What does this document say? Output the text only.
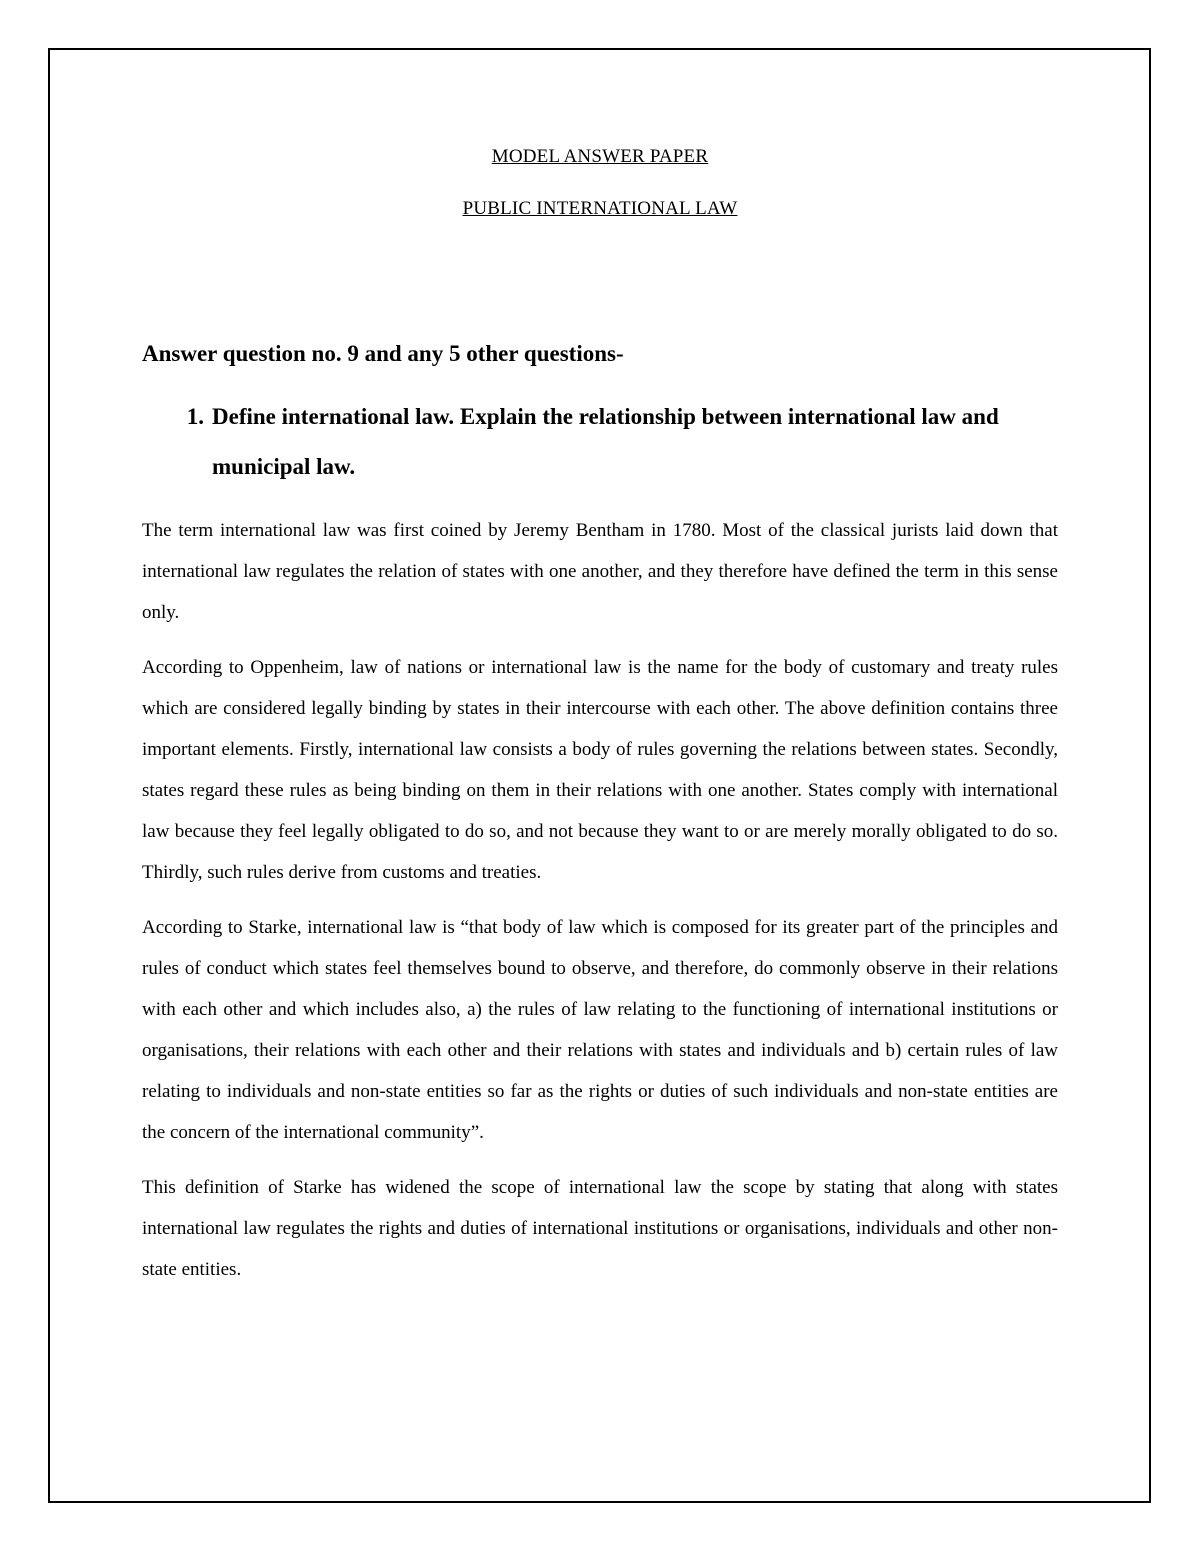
MODEL ANSWER PAPER
PUBLIC INTERNATIONAL LAW

Answer question no. 9 and any 5 other questions-

1. Define international law. Explain the relationship between international law and municipal law.

The term international law was first coined by Jeremy Bentham in 1780. Most of the classical jurists laid down that international law regulates the relation of states with one another, and they therefore have defined the term in this sense only.

According to Oppenheim, law of nations or international law is the name for the body of customary and treaty rules which are considered legally binding by states in their intercourse with each other. The above definition contains three important elements. Firstly, international law consists a body of rules governing the relations between states. Secondly, states regard these rules as being binding on them in their relations with one another. States comply with international law because they feel legally obligated to do so, and not because they want to or are merely morally obligated to do so. Thirdly, such rules derive from customs and treaties.

According to Starke, international law is “that body of law which is composed for its greater part of the principles and rules of conduct which states feel themselves bound to observe, and therefore, do commonly observe in their relations with each other and which includes also, a) the rules of law relating to the functioning of international institutions or organisations, their relations with each other and their relations with states and individuals and b) certain rules of law relating to individuals and non-state entities so far as the rights or duties of such individuals and non-state entities are the concern of the international community”.

This definition of Starke has widened the scope of international law the scope by stating that along with states international law regulates the rights and duties of international institutions or organisations, individuals and other non-state entities.
